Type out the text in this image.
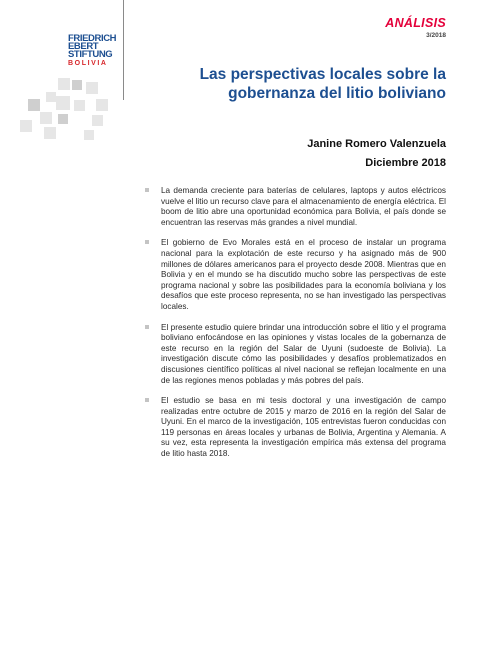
FRIEDRICH
EBERT
STIFTUNG
BOLIVIA
ANÁLISIS
3/2018
Las perspectivas locales sobre la gobernanza del litio boliviano
Janine Romero Valenzuela
Diciembre 2018
La demanda creciente para baterías de celulares, laptops y autos eléctricos vuelve el litio un recurso clave para el almacenamiento de energía eléctrica. El boom de litio abre una oportunidad económica para Bolivia, el país donde se encuentran las reservas más grandes a nivel mundial.
El gobierno de Evo Morales está en el proceso de instalar un programa nacional para la explotación de este recurso y ha asignado más de 900 millones de dólares americanos para el proyecto desde 2008. Mientras que en Bolivia y en el mundo se ha discutido mucho sobre las perspectivas de este programa nacional y sobre las posibilidades para la economía boliviana y los desafíos que este proceso representa, no se han investigado las perspectivas locales.
El presente estudio quiere brindar una introducción sobre el litio y el programa boliviano enfocándose en las opiniones y vistas locales de la gobernanza de este recurso en la región del Salar de Uyuni (sudoeste de Bolivia). La investigación discute cómo las posibilidades y desafíos problematizados en discusiones científico políticas al nivel nacional se reflejan localmente en una de las regiones menos pobladas y más pobres del país.
El estudio se basa en mi tesis doctoral y una investigación de campo realizadas entre octubre de 2015 y marzo de 2016 en la región del Salar de Uyuni. En el marco de la investigación, 105 entrevistas fueron conducidas con 119 personas en áreas locales y urbanas de Bolivia, Argentina y Alemania. A su vez, esta representa la investigación empírica más extensa del programa de litio hasta 2018.
